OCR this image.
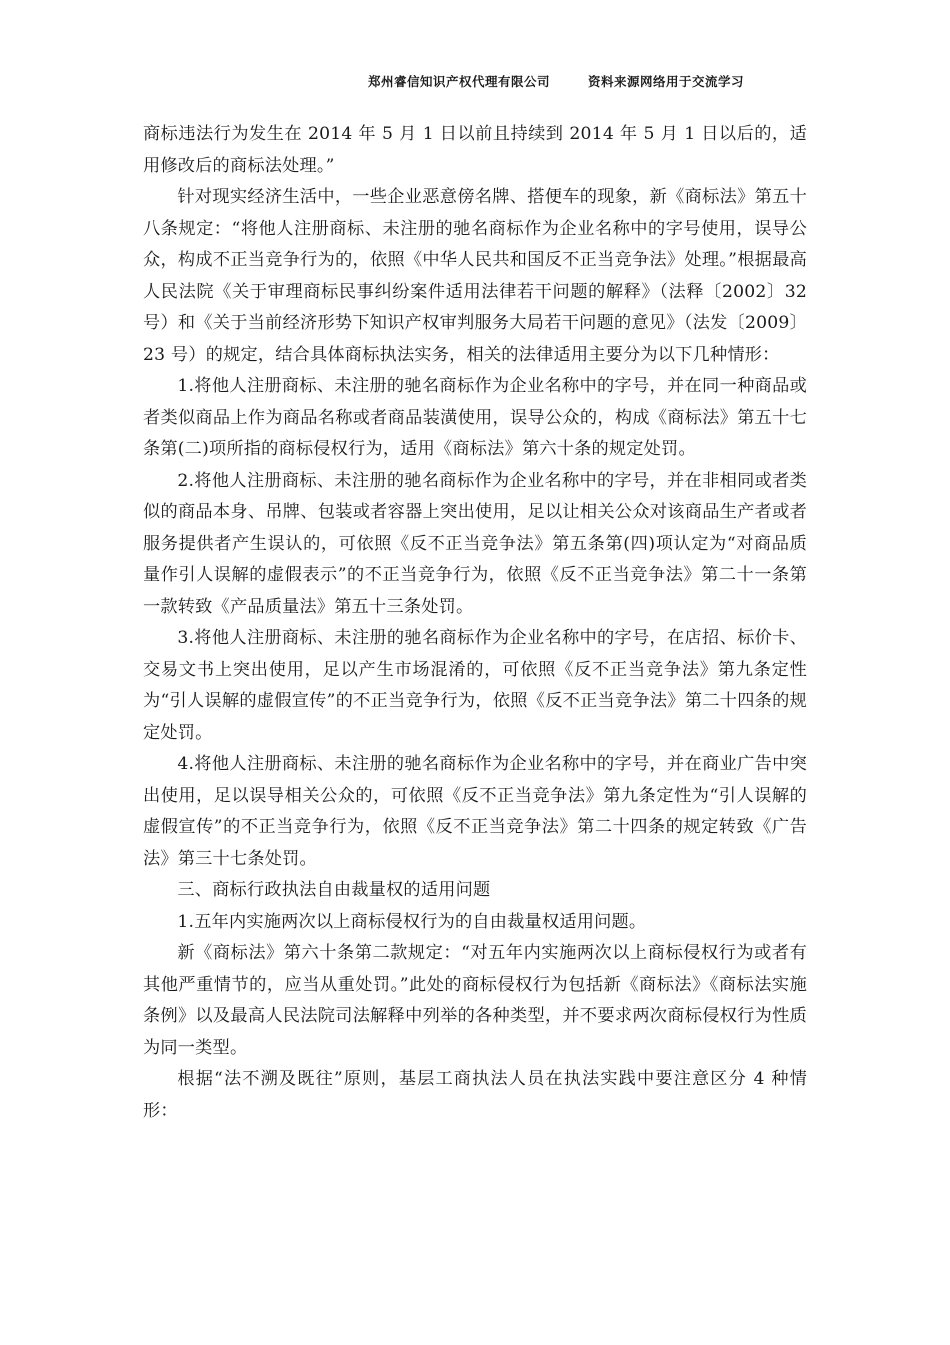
郑州睿信知识产权代理有限公司	资料来源网络用于交流学习

商标违法行为发生在 2014 年 5 月 1 日以前且持续到 2014 年 5 月 1 日以后的，适用修改后的商标法处理。”

针对现实经济生活中，一些企业恶意傍名牌、搭便车的现象，新《商标法》第五十八条规定：“将他人注册商标、未注册的驰名商标作为企业名称中的字号使用，误导公众，构成不正当竞争行为的，依照《中华人民共和国反不正当竞争法》处理。”根据最高人民法院《关于审理商标民事纠纷案件适用法律若干问题的解释》（法释〔2002〕32 号）和《关于当前经济形势下知识产权审判服务大局若干问题的意见》（法发〔2009〕23 号）的规定，结合具体商标执法实务，相关的法律适用主要分为以下几种情形：

1.将他人注册商标、未注册的驰名商标作为企业名称中的字号，并在同一种商品或者类似商品上作为商品名称或者商品装潢使用，误导公众的，构成《商标法》第五十七条第(二)项所指的商标侵权行为，适用《商标法》第六十条的规定处罚。

2.将他人注册商标、未注册的驰名商标作为企业名称中的字号，并在非相同或者类似的商品本身、吊牌、包装或者容器上突出使用，足以让相关公众对该商品生产者或者服务提供者产生误认的，可依照《反不正当竞争法》第五条第(四)项认定为“对商品质量作引人误解的虚假表示”的不正当竞争行为，依照《反不正当竞争法》第二十一条第一款转致《产品质量法》第五十三条处罚。

3.将他人注册商标、未注册的驰名商标作为企业名称中的字号，在店招、标价卡、交易文书上突出使用，足以产生市场混淆的，可依照《反不正当竞争法》第九条定性为“引人误解的虚假宣传”的不正当竞争行为，依照《反不正当竞争法》第二十四条的规定处罚。

4.将他人注册商标、未注册的驰名商标作为企业名称中的字号，并在商业广告中突出使用，足以误导相关公众的，可依照《反不正当竞争法》第九条定性为“引人误解的虚假宣传”的不正当竞争行为，依照《反不正当竞争法》第二十四条的规定转致《广告法》第三十七条处罚。

三、商标行政执法自由裁量权的适用问题

1.五年内实施两次以上商标侵权行为的自由裁量权适用问题。

新《商标法》第六十条第二款规定：“对五年内实施两次以上商标侵权行为或者有其他严重情节的，应当从重处罚。”此处的商标侵权行为包括新《商标法》《商标法实施条例》以及最高人民法院司法解释中列举的各种类型，并不要求两次商标侵权行为性质为同一类型。

根据“法不溯及既往”原则，基层工商执法人员在执法实践中要注意区分 4 种情形：
